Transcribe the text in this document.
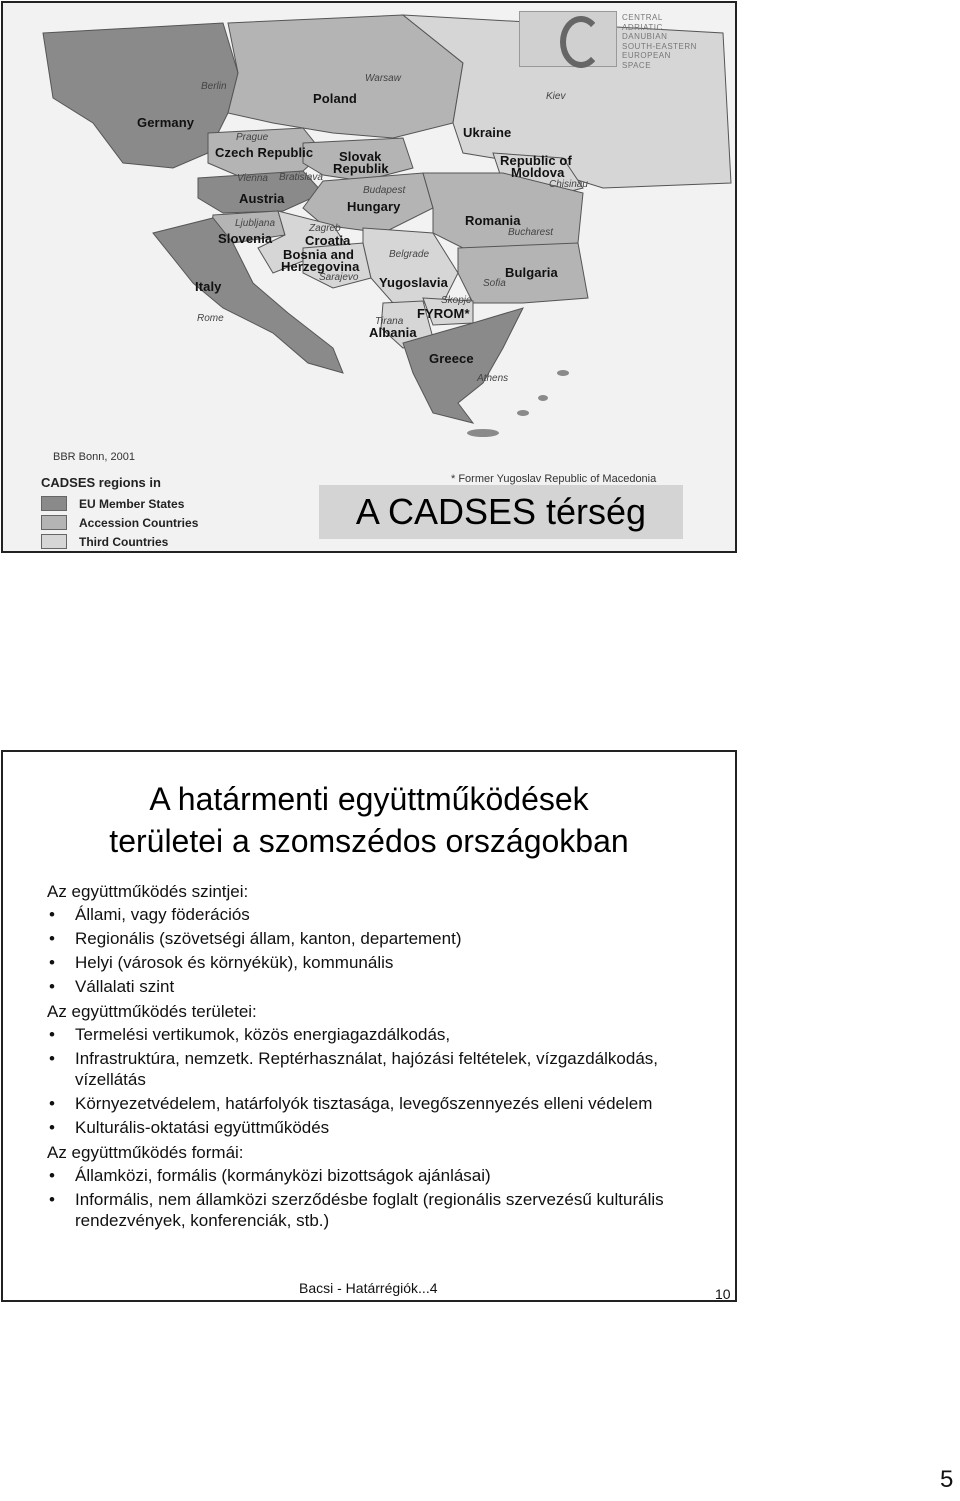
CENTRAL
ADRIATIC
DANUBIAN
SOUTH-EASTERN
EUROPEAN
SPACE
Germany
Poland
Ukraine
Czech Republic Slovak
Republik
Republic of
Moldova
Austria
Hungary
Romania
Slovenia	Croatia
Bosnia and
Herzegovina
Yugoslavia
Bulgaria
Italy
FYROM*
Albania
Greece
Berlin
Warsaw
Kiev
Prague
Vienna Bratislava
Budapest
Chisinau
Ljubljana	Zagreb
Belgrade
Bucharest
Sarajevo
Sofia
Rome
Skopje
Tirana
Athens
BBR Bonn, 2001
* Former Yugoslav Republic of Macedonia
CADSES regions in
EU Member States
Accession Countries
Third Countries
A CADSES térség
A határmenti együttműködések
területei a szomszédos országokban
Az együttműködés szintjei:
• Állami, vagy föderációs
• Regionális (szövetségi állam, kanton, departement)
• Helyi (városok és környékük), kommunális
• Vállalati szint
Az együttműködés területei:
• Termelési vertikumok, közös energiagazdálkodás,
• Infrastruktúra, nemzetk. Reptérhasználat, hajózási feltételek, vízgazdálkodás, vízellátás
• Környezetvédelem, határfolyók tisztasága, levegőszennyezés elleni védelem
• Kulturális-oktatási együttműködés
Az együttműködés formái:
• Államközi, formális (kormányközi bizottságok ajánlásai)
• Informális, nem államközi szerződésbe foglalt (regionális szervezésű kulturális rendezvények, konferenciák, stb.)
Bacsi - Határrégiók...4	10
5
